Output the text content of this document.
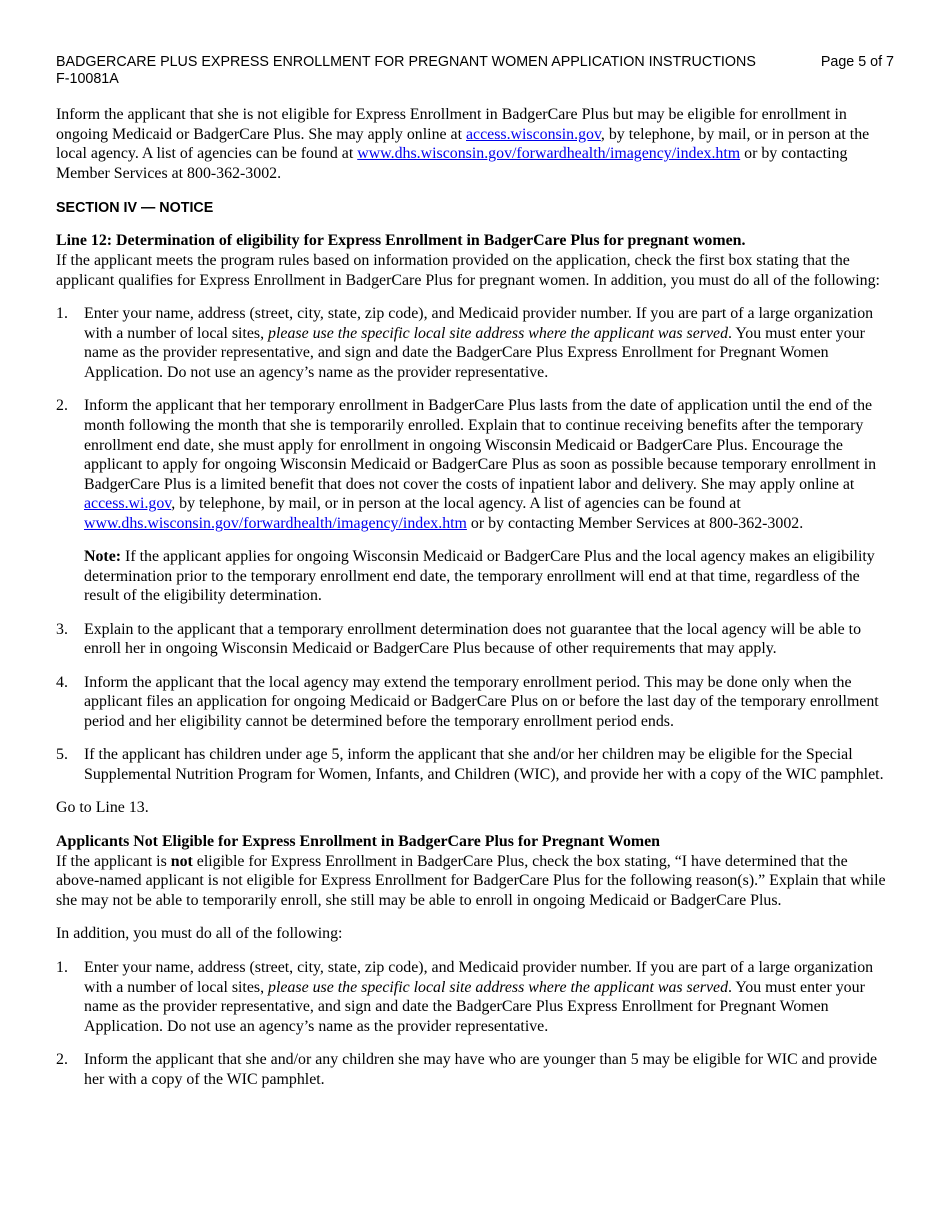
BADGERCARE PLUS EXPRESS ENROLLMENT FOR PREGNANT WOMEN APPLICATION INSTRUCTIONS
F-10081A
Page 5 of 7

Inform the applicant that she is not eligible for Express Enrollment in BadgerCare Plus but may be eligible for enrollment in ongoing Medicaid or BadgerCare Plus. She may apply online at access.wisconsin.gov, by telephone, by mail, or in person at the local agency. A list of agencies can be found at www.dhs.wisconsin.gov/forwardhealth/imagency/index.htm or by contacting Member Services at 800-362-3002.

SECTION IV — NOTICE

Line 12: Determination of eligibility for Express Enrollment in BadgerCare Plus for pregnant women.
If the applicant meets the program rules based on information provided on the application, check the first box stating that the applicant qualifies for Express Enrollment in BadgerCare Plus for pregnant women. In addition, you must do all of the following:

1. Enter your name, address (street, city, state, zip code), and Medicaid provider number. If you are part of a large organization with a number of local sites, please use the specific local site address where the applicant was served. You must enter your name as the provider representative, and sign and date the BadgerCare Plus Express Enrollment for Pregnant Women Application. Do not use an agency’s name as the provider representative.
2. Inform the applicant that her temporary enrollment in BadgerCare Plus lasts from the date of application until the end of the month following the month that she is temporarily enrolled. Explain that to continue receiving benefits after the temporary enrollment end date, she must apply for enrollment in ongoing Wisconsin Medicaid or BadgerCare Plus. Encourage the applicant to apply for ongoing Wisconsin Medicaid or BadgerCare Plus as soon as possible because temporary enrollment in BadgerCare Plus is a limited benefit that does not cover the costs of inpatient labor and delivery. She may apply online at access.wi.gov, by telephone, by mail, or in person at the local agency. A list of agencies can be found at www.dhs.wisconsin.gov/forwardhealth/imagency/index.htm or by contacting Member Services at 800-362-3002.
Note: If the applicant applies for ongoing Wisconsin Medicaid or BadgerCare Plus and the local agency makes an eligibility determination prior to the temporary enrollment end date, the temporary enrollment will end at that time, regardless of the result of the eligibility determination.
3. Explain to the applicant that a temporary enrollment determination does not guarantee that the local agency will be able to enroll her in ongoing Wisconsin Medicaid or BadgerCare Plus because of other requirements that may apply.
4. Inform the applicant that the local agency may extend the temporary enrollment period. This may be done only when the applicant files an application for ongoing Medicaid or BadgerCare Plus on or before the last day of the temporary enrollment period and her eligibility cannot be determined before the temporary enrollment period ends.
5. If the applicant has children under age 5, inform the applicant that she and/or her children may be eligible for the Special Supplemental Nutrition Program for Women, Infants, and Children (WIC), and provide her with a copy of the WIC pamphlet.

Go to Line 13.

Applicants Not Eligible for Express Enrollment in BadgerCare Plus for Pregnant Women
If the applicant is not eligible for Express Enrollment in BadgerCare Plus, check the box stating, “I have determined that the above-named applicant is not eligible for Express Enrollment for BadgerCare Plus for the following reason(s).” Explain that while she may not be able to temporarily enroll, she still may be able to enroll in ongoing Medicaid or BadgerCare Plus.

In addition, you must do all of the following:

1. Enter your name, address (street, city, state, zip code), and Medicaid provider number. If you are part of a large organization with a number of local sites, please use the specific local site address where the applicant was served. You must enter your name as the provider representative, and sign and date the BadgerCare Plus Express Enrollment for Pregnant Women Application. Do not use an agency’s name as the provider representative.
2. Inform the applicant that she and/or any children she may have who are younger than 5 may be eligible for WIC and provide her with a copy of the WIC pamphlet.
